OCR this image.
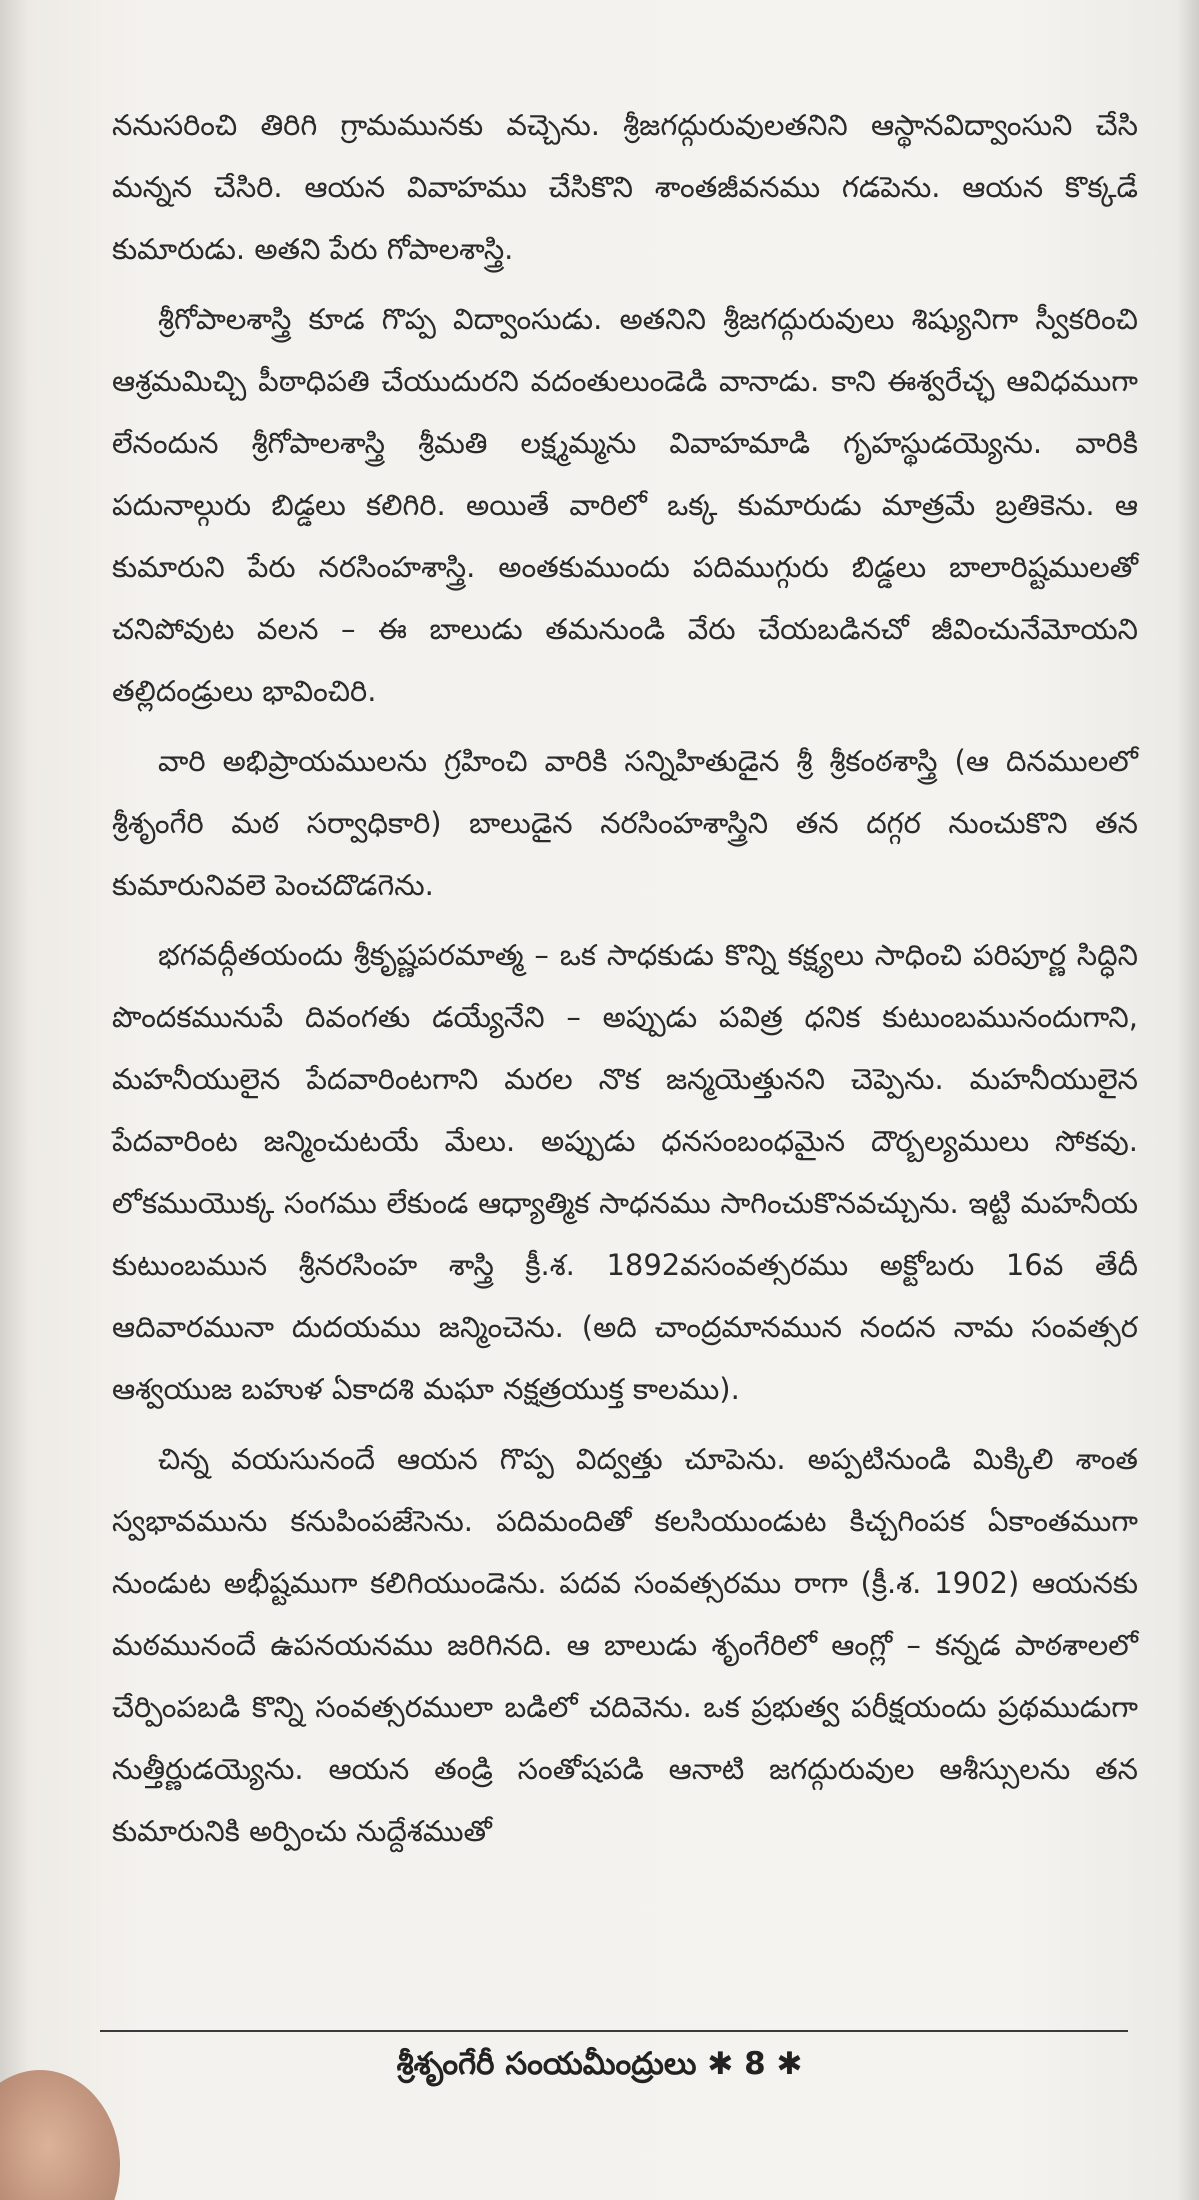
ననుసరించి తిరిగి గ్రామమునకు వచ్చెను. శ్రీజగద్గురువులతనిని ఆస్థానవిద్వాంసుని చేసి మన్నన చేసిరి. ఆయన వివాహము చేసికొని శాంతజీవనము గడపెను. ఆయన కొక్కడే కుమారుడు. అతని పేరు గోపాలశాస్త్రి.

శ్రీగోపాలశాస్త్రి కూడ గొప్ప విద్వాంసుడు. అతనిని శ్రీజగద్గురువులు శిష్యునిగా స్వీకరించి ఆశ్రమమిచ్చి పీఠాధిపతి చేయుదురని వదంతులుండెడి వానాడు. కాని ఈశ్వరేచ్ఛ ఆవిధముగా లేనందున శ్రీగోపాలశాస్త్రి శ్రీమతి లక్ష్మమ్మను వివాహమాడి గృహస్థుడయ్యెను. వారికి పదునాల్గురు బిడ్డలు కలిగిరి. అయితే వారిలో ఒక్క కుమారుడు మాత్రమే బ్రతికెను. ఆ కుమారుని పేరు నరసింహశాస్త్రి. అంతకుముందు పదిముగ్గురు బిడ్డలు బాలారిష్టములతో చనిపోవుట వలన – ఈ బాలుడు తమనుండి వేరు చేయబడినచో జీవించునేమోయని తల్లిదండ్రులు భావించిరి.

వారి అభిప్రాయములను గ్రహించి వారికి సన్నిహితుడైన శ్రీ శ్రీకంఠశాస్త్రి (ఆ దినములలో శ్రీశృంగేరి మఠ సర్వాధికారి) బాలుడైన నరసింహశాస్త్రిని తన దగ్గర నుంచుకొని తన కుమారునివలె పెంచదొడగెను.

భగవద్గీతయందు శ్రీకృష్ణపరమాత్మ – ఒక సాధకుడు కొన్ని కక్ష్యలు సాధించి పరిపూర్ణ సిద్ధిని పొందకమునుపే దివంగతు డయ్యేనేని – అప్పుడు పవిత్ర ధనిక కుటుంబమునందుగాని, మహనీయులైన పేదవారింటగాని మరల నొక జన్మయెత్తునని చెప్పెను. మహనీయులైన పేదవారింట జన్మించుటయే మేలు. అప్పుడు ధనసంబంధమైన దౌర్బల్యములు సోకవు. లోకముయొక్క సంగము లేకుండ ఆధ్యాత్మిక సాధనము సాగించుకొనవచ్చును. ఇట్టి మహనీయ కుటుంబమున శ్రీనరసింహ శాస్త్రి క్రీ.శ. 1892వసంవత్సరము అక్టోబరు 16వ తేదీ ఆదివారమునా దుదయము జన్మించెను. (అది చాంద్రమానమున నందన నామ సంవత్సర ఆశ్వయుజ బహుళ ఏకాదశి మఘా నక్షత్రయుక్త కాలము).

చిన్న వయసునందే ఆయన గొప్ప విద్వత్తు చూపెను. అప్పటినుండి మిక్కిలి శాంత స్వభావమును కనుపింపజేసెను. పదిమందితో కలసియుండుట కిచ్చగింపక ఏకాంతముగా నుండుట అభీష్టముగా కలిగియుండెను. పదవ సంవత్సరము రాగా (క్రీ.శ. 1902) ఆయనకు మఠమునందే ఉపనయనము జరిగినది. ఆ బాలుడు శృంగేరిలో ఆంగ్లో – కన్నడ పాఠశాలలో చేర్పింపబడి కొన్ని సంవత్సరములా బడిలో చదివెను. ఒక ప్రభుత్వ పరీక్షయందు ప్రథముడుగా నుత్తీర్ణుడయ్యెను. ఆయన తండ్రి సంతోషపడి ఆనాటి జగద్గురువుల ఆశీస్సులను తన కుమారునికి అర్పించు నుద్దేశముతో

శ్రీశృంగేరీ సంయమీంద్రులు ✱ 8 ✱
